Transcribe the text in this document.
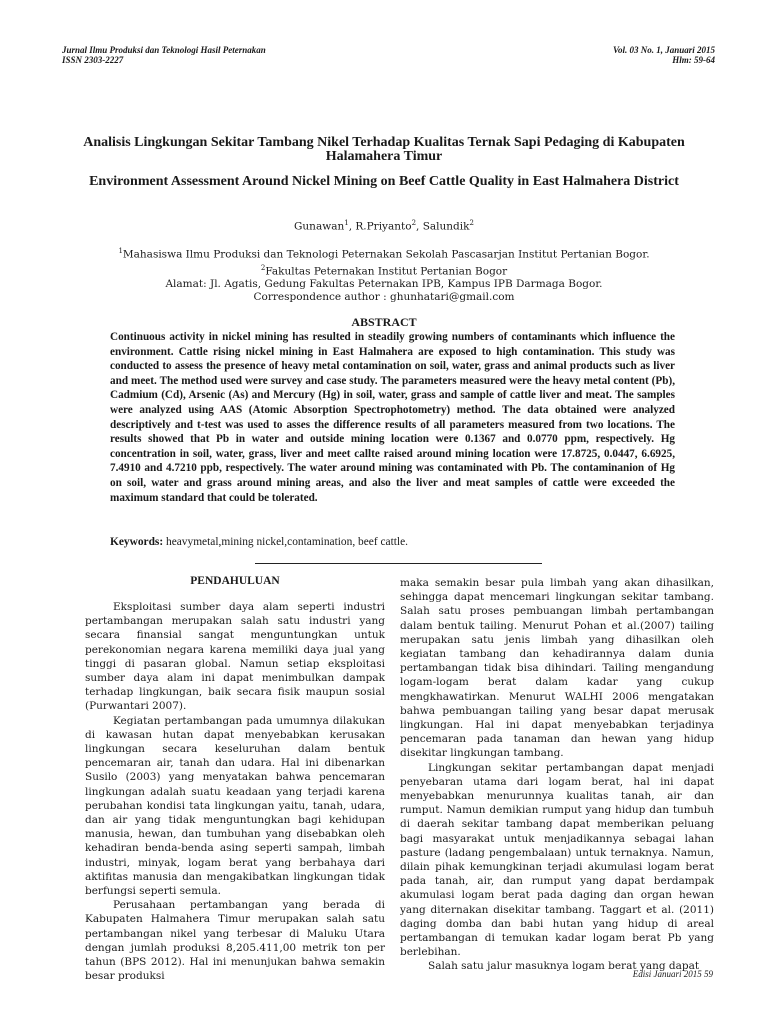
Jurnal Ilmu Produksi dan Teknologi Hasil Peternakan
ISSN 2303-2227
Vol. 03 No. 1, Januari 2015
Hlm: 59-64
Analisis Lingkungan Sekitar Tambang Nikel Terhadap Kualitas Ternak Sapi Pedaging di Kabupaten Halamahera Timur
Environment Assessment Around Nickel Mining on Beef Cattle Quality in East Halmahera District
Gunawan$^1$, R.Priyanto$^2$, Salundik$^2$
$^1$Mahasiswa Ilmu Produksi dan Teknologi Peternakan Sekolah Pascasarjan Institut Pertanian Bogor.
$^2$Fakultas Peternakan Institut Pertanian Bogor
Alamat: Jl. Agatis, Gedung Fakultas Peternakan IPB, Kampus IPB Darmaga Bogor.
Correspondence author : ghunhatari@gmail.com
ABSTRACT
Continuous activity in nickel mining has resulted in steadily growing numbers of contaminants which influence the environment. Cattle rising nickel mining in East Halmahera are exposed to high contamination. This study was conducted to assess the presence of heavy metal contamination on soil, water, grass and animal products such as liver and meet. The method used were survey and case study. The parameters measured were the heavy metal content (Pb), Cadmium (Cd), Arsenic (As) and Mercury (Hg) in soil, water, grass and sample of cattle liver and meat. The samples were analyzed using AAS (Atomic Absorption Spectrophotometry) method. The data obtained were analyzed descriptively and t-test was used to asses the difference results of all parameters measured from two locations. The results showed that Pb in water and outside mining location were 0.1367 and 0.0770 ppm, respectively. Hg concentration in soil, water, grass, liver and meet callte raised around mining location were 17.8725, 0.0447, 6.6925, 7.4910 and 4.7210 ppb, respectively. The water around mining was contaminated with Pb. The contaminanion of Hg on soil, water and grass around mining areas, and also the liver and meat samples of cattle were exceeded the maximum standard that could be tolerated.
Keywords: heavymetal,mining nickel,contamination, beef cattle.
PENDAHULUAN

Eksploitasi sumber daya alam seperti industri pertambangan merupakan salah satu industri yang secara finansial sangat menguntungkan untuk perekonomian negara karena memiliki daya jual yang tinggi di pasaran global. Namun setiap eksploitasi sumber daya alam ini dapat menimbulkan dampak terhadap lingkungan, baik secara fisik maupun sosial (Purwantari 2007).

Kegiatan pertambangan pada umumnya dilakukan di kawasan hutan dapat menyebabkan kerusakan lingkungan secara keseluruhan dalam bentuk pencemaran air, tanah dan udara. Hal ini dibenarkan Susilo (2003) yang menyatakan bahwa pencemaran lingkungan adalah suatu keadaan yang terjadi karena perubahan kondisi tata lingkungan yaitu, tanah, udara, dan air yang tidak menguntungkan bagi kehidupan manusia, hewan, dan tumbuhan yang disebabkan oleh kehadiran benda-benda asing seperti sampah, limbah industri, minyak, logam berat yang berbahaya dari aktifitas manusia dan mengakibatkan lingkungan tidak berfungsi seperti semula.

Perusahaan pertambangan yang berada di Kabupaten Halmahera Timur merupakan salah satu pertambangan nikel yang terbesar di Maluku Utara dengan jumlah produksi 8,205.411,00 metrik ton per tahun (BPS 2012). Hal ini menunjukan bahwa semakin besar produksi

maka semakin besar pula limbah yang akan dihasilkan, sehingga dapat mencemari lingkungan sekitar tambang. Salah satu proses pembuangan limbah pertambangan dalam bentuk tailing. Menurut Pohan et al.(2007) tailing merupakan satu jenis limbah yang dihasilkan oleh kegiatan tambang dan kehadirannya dalam dunia pertambangan tidak bisa dihindari. Tailing mengandung logam-logam berat dalam kadar yang cukup mengkhawatirkan. Menurut WALHI 2006 mengatakan bahwa pembuangan tailing yang besar dapat merusak lingkungan. Hal ini dapat menyebabkan terjadinya pencemaran pada tanaman dan hewan yang hidup disekitar lingkungan tambang.

Lingkungan sekitar pertambangan dapat menjadi penyebaran utama dari logam berat, hal ini dapat menyebabkan menurunnya kualitas tanah, air dan rumput. Namun demikian rumput yang hidup dan tumbuh di daerah sekitar tambang dapat memberikan peluang bagi masyarakat untuk menjadikannya sebagai lahan pasture (ladang pengembalaan) untuk ternaknya. Namun, dilain pihak kemungkinan terjadi akumulasi logam berat pada tanah, air, dan rumput yang dapat berdampak akumulasi logam berat pada daging dan organ hewan yang diternakan disekitar tambang. Taggart et al. (2011) daging domba dan babi hutan yang hidup di areal pertambangan di temukan kadar logam berat Pb yang berlebihan.

Salah satu jalur masuknya logam berat yang dapat

Edisi Januari 2015 59
